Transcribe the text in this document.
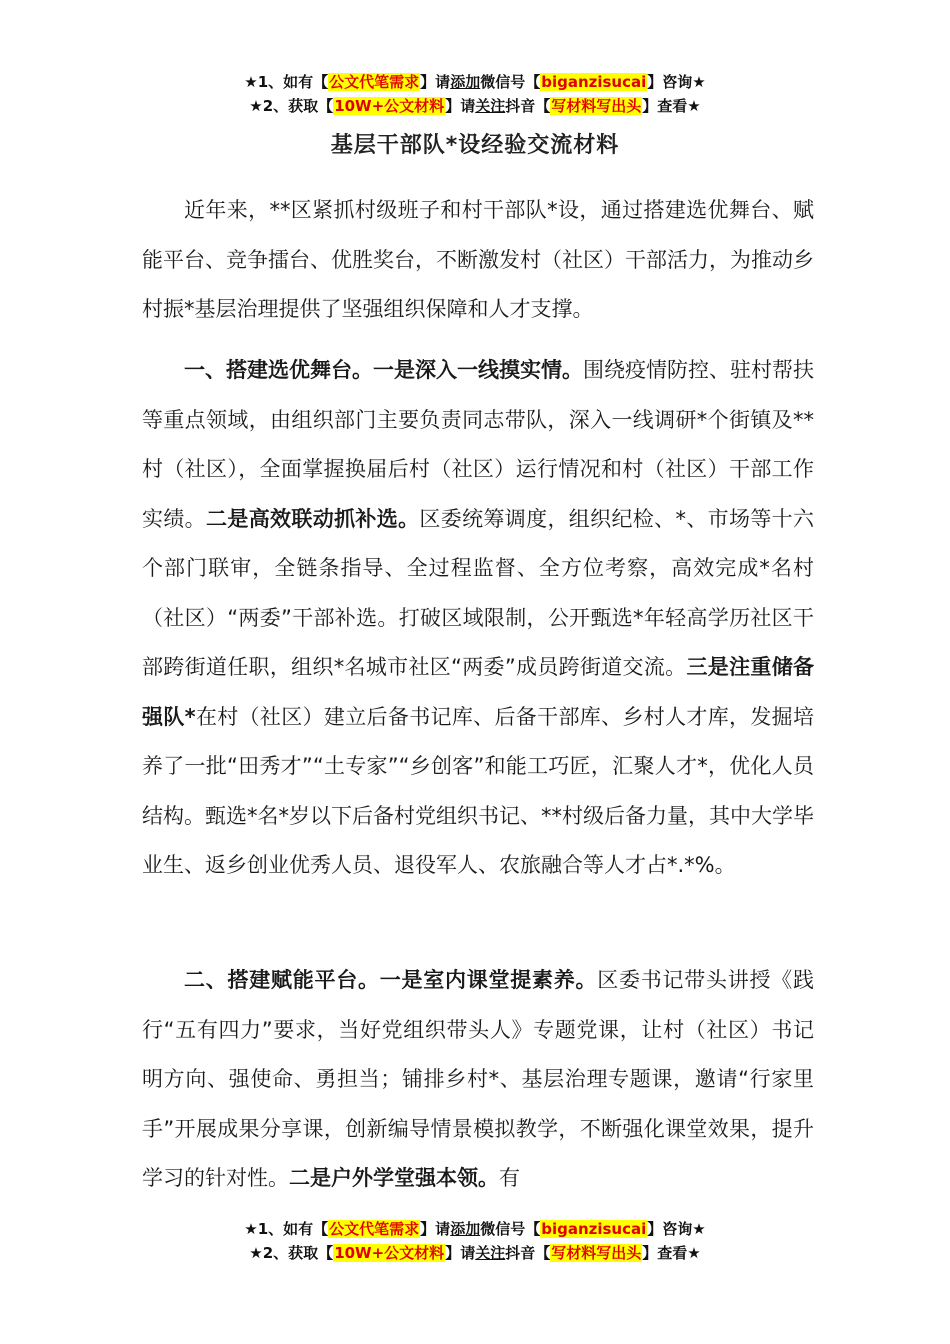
★1、如有【公文代笔需求】请添加微信号【biganzisucai】咨询★
★2、获取【10W+公文材料】请关注抖音【写材料写出头】查看★
基层干部队*设经验交流材料

近年来，**区紧抓村级班子和村干部队*设，通过搭建选优舞台、赋能平台、竞争擂台、优胜奖台，不断激发村（社区）干部活力，为推动乡村振*基层治理提供了坚强组织保障和人才支撑。

一、搭建选优舞台。一是深入一线摸实情。围绕疫情防控、驻村帮扶等重点领域，由组织部门主要负责同志带队，深入一线调研*个街镇及**村（社区），全面掌握换届后村（社区）运行情况和村（社区）干部工作实绩。二是高效联动抓补选。区委统筹调度，组织纪检、*、市场等十六个部门联审，全链条指导、全过程监督、全方位考察，高效完成*名村（社区）“两委”干部补选。打破区域限制，公开甄选*年轻高学历社区干部跨街道任职，组织*名城市社区“两委”成员跨街道交流。三是注重储备强队*在村（社区）建立后备书记库、后备干部库、乡村人才库，发掘培养了一批“田秀才”“土专家”“乡创客”和能工巧匠，汇聚人才*，优化人员结构。甄选*名*岁以下后备村党组织书记、**村级后备力量，其中大学毕业生、返乡创业优秀人员、退役军人、农旅融合等人才占*.*%。

二、搭建赋能平台。一是室内课堂提素养。区委书记带头讲授《践行“五有四力”要求，当好党组织带头人》专题党课，让村（社区）书记明方向、强使命、勇担当；铺排乡村*、基层治理专题课，邀请“行家里手”开展成果分享课，创新编导情景模拟教学，不断强化课堂效果，提升学习的针对性。二是户外学堂强本领。有

★1、如有【公文代笔需求】请添加微信号【biganzisucai】咨询★
★2、获取【10W+公文材料】请关注抖音【写材料写出头】查看★
